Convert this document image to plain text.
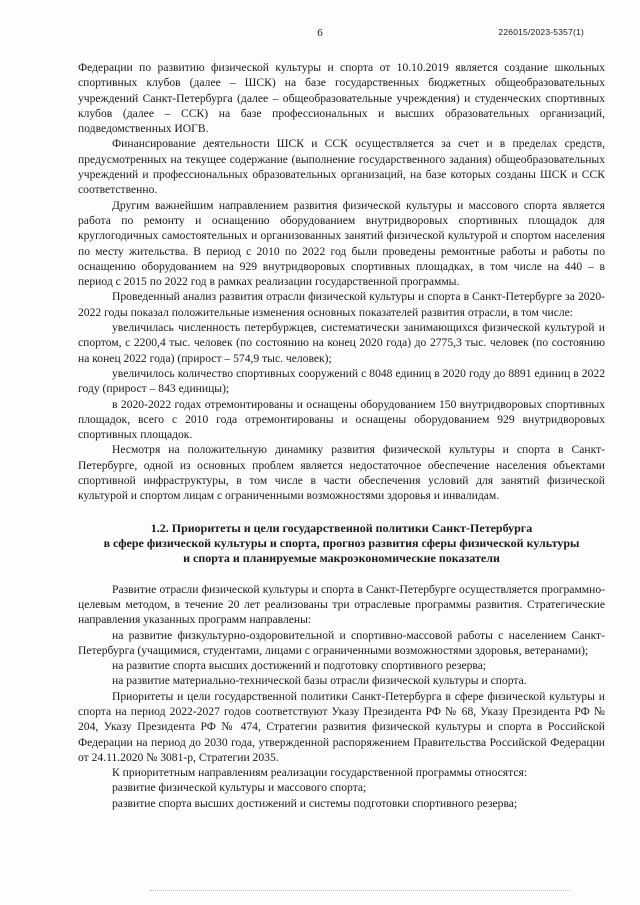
6	226015/2023-5357(1)

Федерации по развитию физической культуры и спорта от 10.10.2019 является создание школьных спортивных клубов (далее – ШСК) на базе государственных бюджетных общеобразовательных учреждений Санкт-Петербурга (далее – общеобразовательные учреждения) и студенческих спортивных клубов (далее – ССК) на базе профессиональных и высших образовательных организаций, подведомственных ИОГВ.

Финансирование деятельности ШСК и ССК осуществляется за счет и в пределах средств, предусмотренных на текущее содержание (выполнение государственного задания) общеобразовательных учреждений и профессиональных образовательных организаций, на базе которых созданы ШСК и ССК соответственно.

Другим важнейшим направлением развития физической культуры и массового спорта является работа по ремонту и оснащению оборудованием внутридворовых спортивных площадок для круглогодичных самостоятельных и организованных занятий физической культурой и спортом населения по месту жительства. В период с 2010 по 2022 год были проведены ремонтные работы и работы по оснащению оборудованием на 929 внутридворовых спортивных площадках, в том числе на 440 – в период с 2015 по 2022 год в рамках реализации государственной программы.

Проведенный анализ развития отрасли физической культуры и спорта в Санкт-Петербурге за 2020-2022 годы показал положительные изменения основных показателей развития отрасли, в том числе:

увеличилась численность петербуржцев, систематически занимающихся физической культурой и спортом, с 2200,4 тыс. человек (по состоянию на конец 2020 года) до 2775,3 тыс. человек (по состоянию на конец 2022 года) (прирост – 574,9 тыс. человек);

увеличилось количество спортивных сооружений с 8048 единиц в 2020 году до 8891 единиц в 2022 году (прирост – 843 единицы);

в 2020-2022 годах отремонтированы и оснащены оборудованием 150 внутридворовых спортивных площадок, всего с 2010 года отремонтированы и оснащены оборудованием 929 внутридворовых спортивных площадок.

Несмотря на положительную динамику развития физической культуры и спорта в Санкт-Петербурге, одной из основных проблем является недостаточное обеспечение населения объектами спортивной инфраструктуры, в том числе в части обеспечения условий для занятий физической культурой и спортом лицам с ограниченными возможностями здоровья и инвалидам.

1.2. Приоритеты и цели государственной политики Санкт-Петербурга
в сфере физической культуры и спорта, прогноз развития сферы физической культуры
и спорта и планируемые макроэкономические показатели

Развитие отрасли физической культуры и спорта в Санкт-Петербурге осуществляется программно-целевым методом, в течение 20 лет реализованы три отраслевые программы развития. Стратегические направления указанных программ направлены:

на развитие физкультурно-оздоровительной и спортивно-массовой работы с населением Санкт-Петербурга (учащимися, студентами, лицами с ограниченными возможностями здоровья, ветеранами);

на развитие спорта высших достижений и подготовку спортивного резерва;

на развитие материально-технической базы отрасли физической культуры и спорта.

Приоритеты и цели государственной политики Санкт-Петербурга в сфере физической культуры и спорта на период 2022-2027 годов соответствуют Указу Президента РФ № 68, Указу Президента РФ № 204, Указу Президента РФ № 474, Стратегии развития физической культуры и спорта в Российской Федерации на период до 2030 года, утвержденной распоряжением Правительства Российской Федерации от 24.11.2020 № 3081-р, Стратегии 2035.

К приоритетным направлениям реализации государственной программы относятся:

развитие физической культуры и массового спорта;

развитие спорта высших достижений и системы подготовки спортивного резерва;
